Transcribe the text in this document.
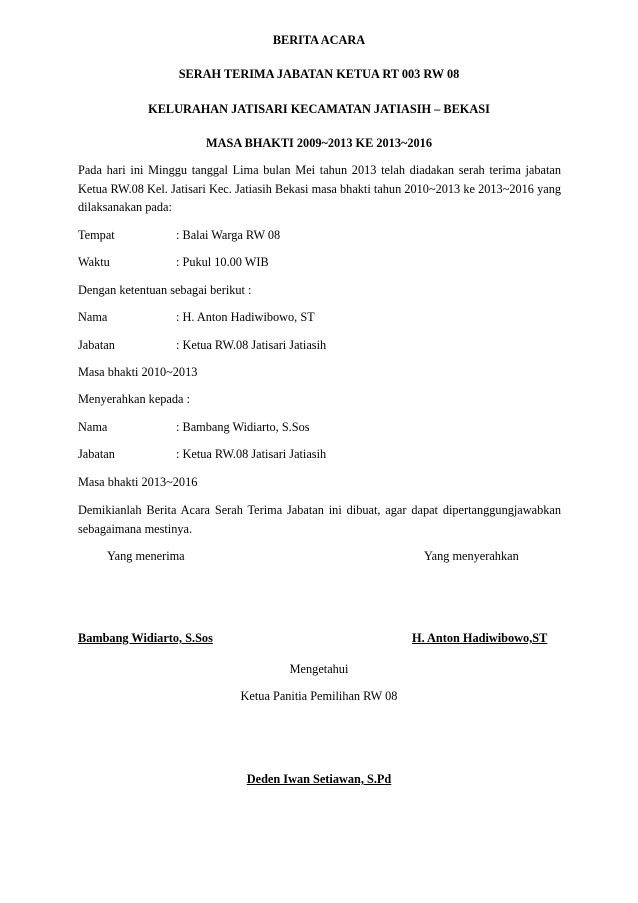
BERITA ACARA
SERAH TERIMA JABATAN KETUA RT 003 RW 08
KELURAHAN JATISARI KECAMATAN JATIASIH – BEKASI
MASA BHAKTI 2009~2013 KE 2013~2016
Pada hari ini Minggu tanggal Lima bulan Mei tahun 2013 telah diadakan serah terima jabatan Ketua RW.08 Kel. Jatisari Kec. Jatiasih Bekasi masa bhakti tahun 2010~2013 ke 2013~2016 yang dilaksanakan pada:
Tempat	: Balai Warga RW 08
Waktu	: Pukul 10.00 WIB
Dengan ketentuan sebagai berikut :
Nama	: H. Anton Hadiwibowo, ST
Jabatan	: Ketua RW.08 Jatisari Jatiasih
Masa bhakti 2010~2013
Menyerahkan kepada :
Nama	: Bambang Widiarto, S.Sos
Jabatan	: Ketua RW.08 Jatisari Jatiasih
Masa bhakti 2013~2016
Demikianlah Berita Acara Serah Terima Jabatan ini dibuat, agar dapat dipertanggungjawabkan sebagaimana mestinya.
Yang menerima	Yang menyerahkan
Bambang Widiarto, S.Sos	H. Anton Hadiwibowo,ST
Mengetahui
Ketua Panitia Pemilihan RW 08
Deden Iwan Setiawan, S.Pd
